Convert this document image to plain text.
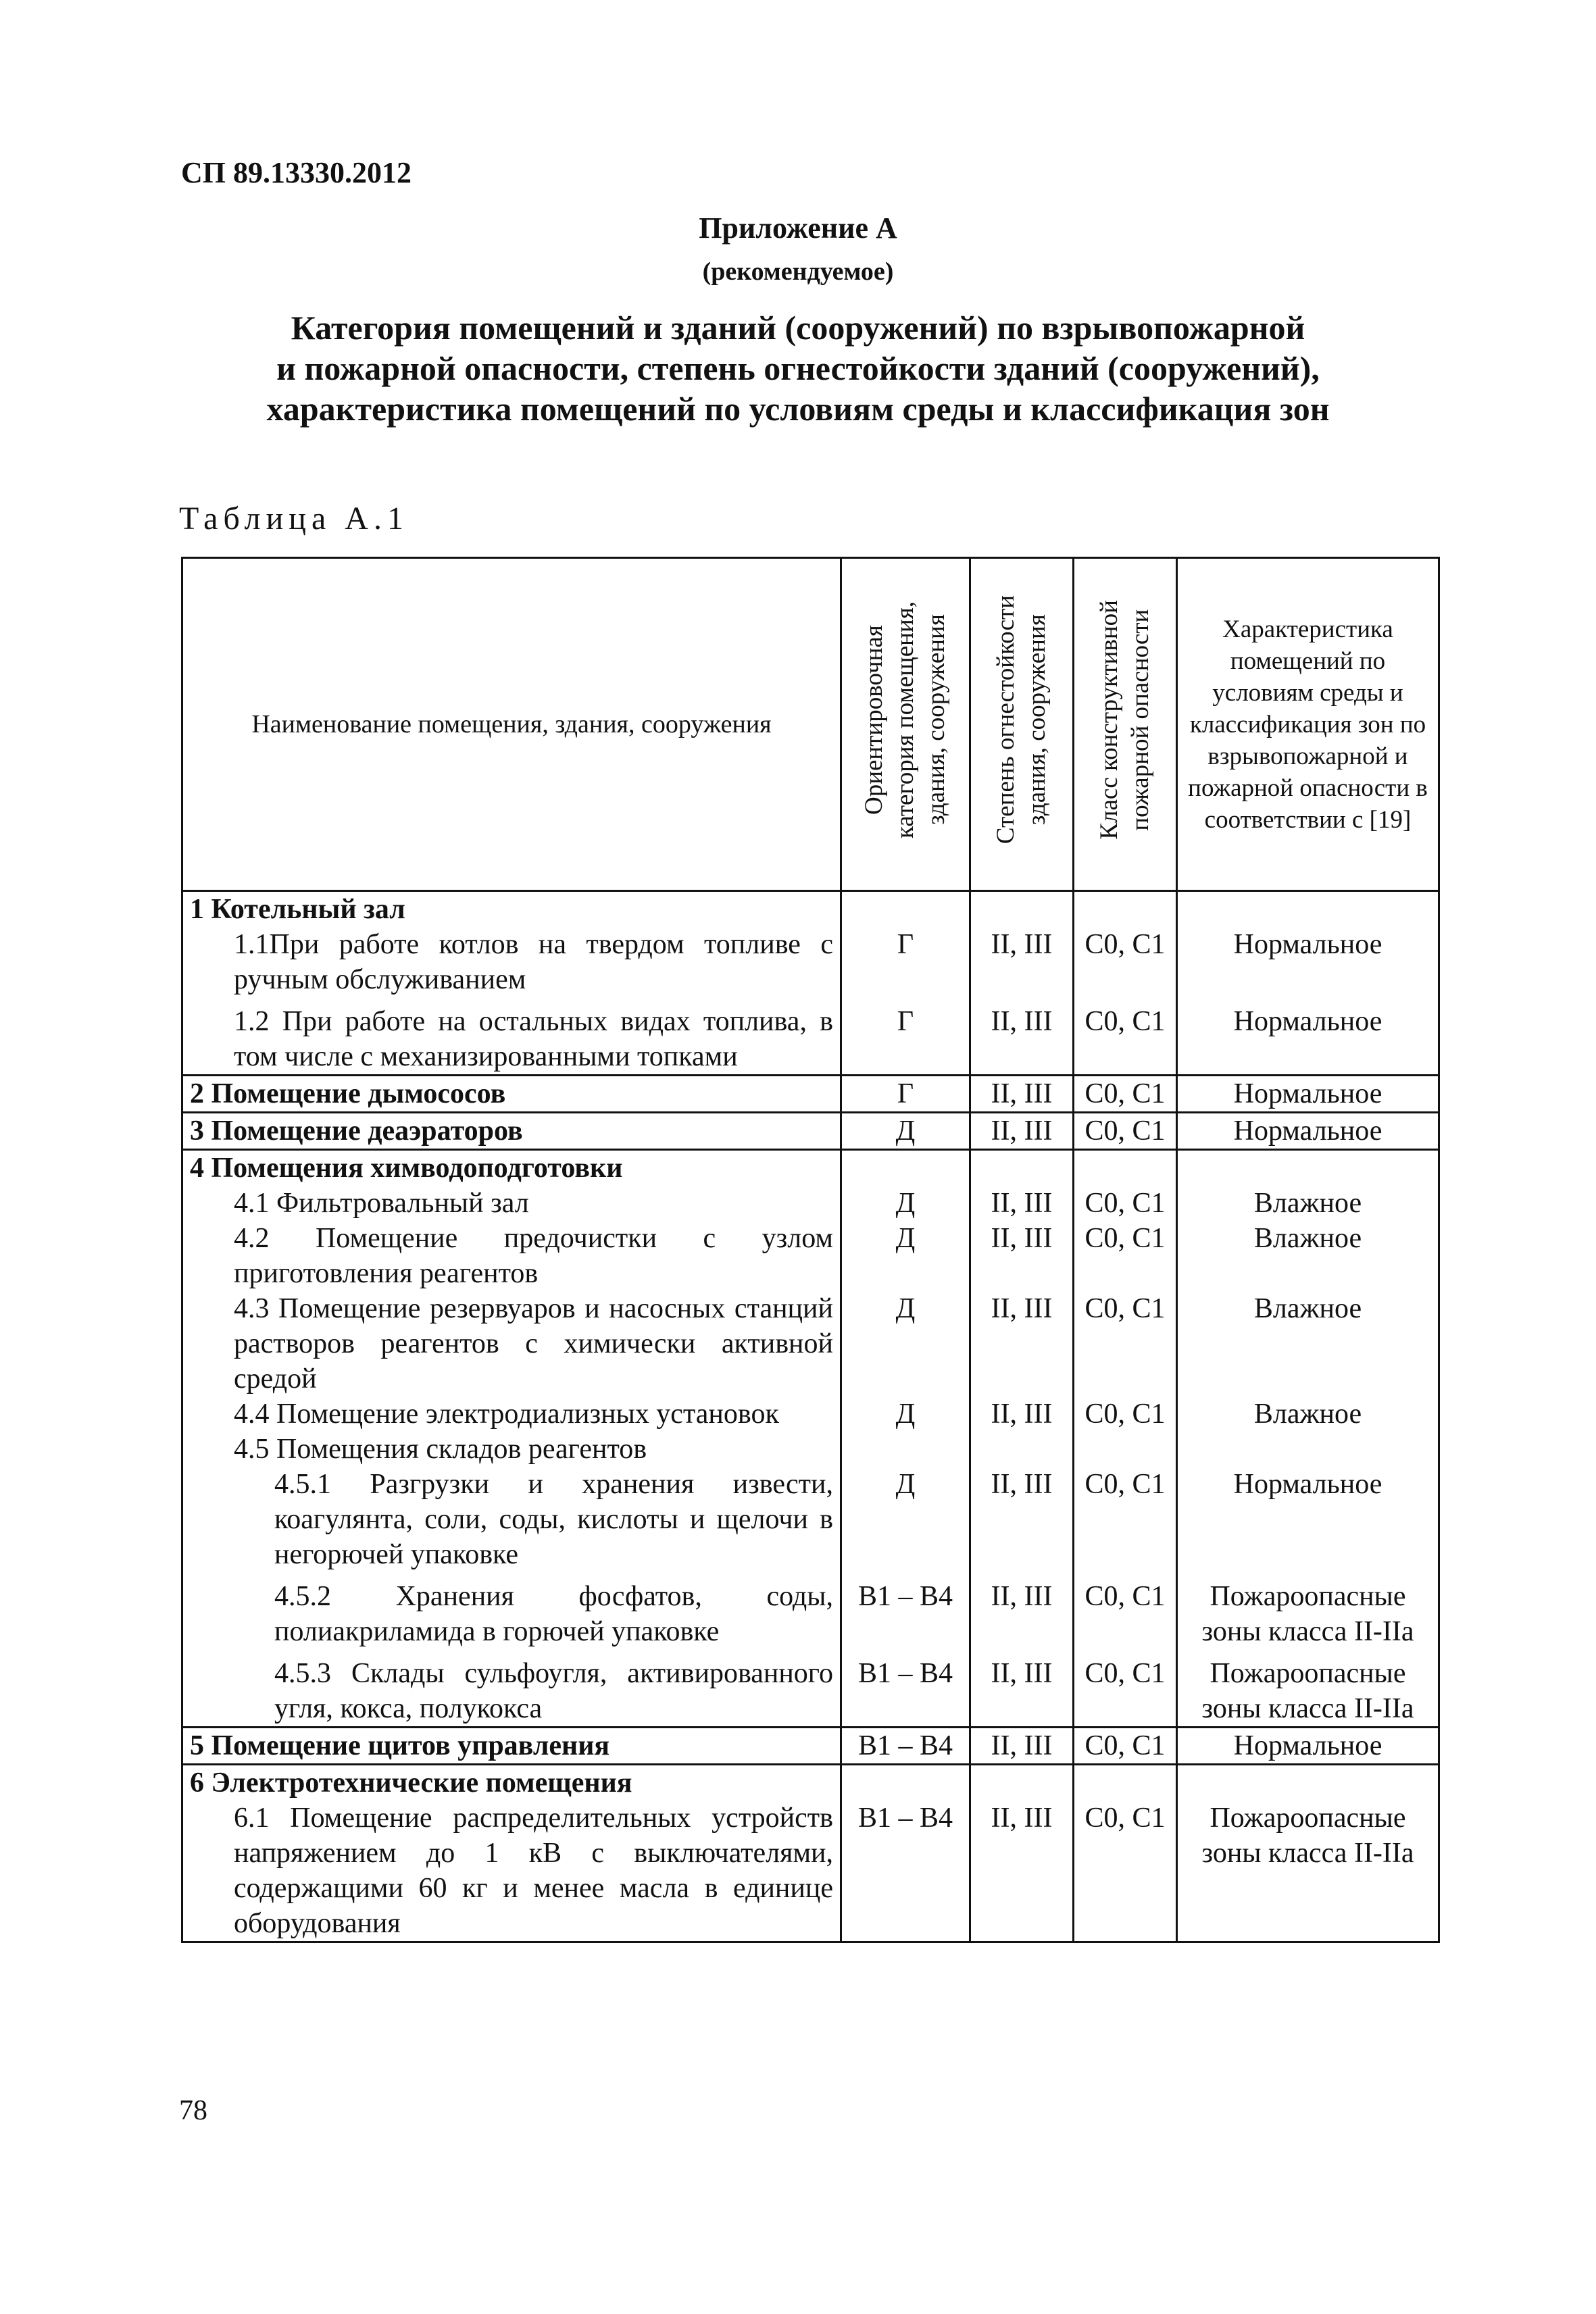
СП 89.13330.2012
Приложение А
(рекомендуемое)
Категория помещений и зданий (сооружений) по взрывопожарной
и пожарной опасности, степень огнестойкости зданий (сооружений),
характеристика помещений по условиям среды и классификация зон
Таблица А.1
Наименование помещения, здания, сооружения	Ориентировочная категория помещения, здания, сооружения	Степень огнестойкости здания, сооружения	Класс конструктивной пожарной опасности	Характеристика помещений по условиям среды и классификация зон по взрывопожарной и пожарной опасности в соответствии с [19]
1 Котельный зал				
1.1При работе котлов на твердом топливе с ручным обслуживанием	Г	II, III	С0, С1	Нормальное
1.2 При работе на остальных видах топлива, в том числе с механизированными топками	Г	II, III	С0, С1	Нормальное
2 Помещение дымососов	Г	II, III	С0, С1	Нормальное
3 Помещение деаэраторов	Д	II, III	С0, С1	Нормальное
4 Помещения химводоподготовки				
4.1 Фильтровальный зал	Д	II, III	С0, С1	Влажное
4.2 Помещение предочистки с узлом приготовления реагентов	Д	II, III	С0, С1	Влажное
4.3 Помещение резервуаров и насосных станций растворов реагентов с химически активной средой	Д	II, III	С0, С1	Влажное
4.4 Помещение электродиализных установок	Д	II, III	С0, С1	Влажное
4.5 Помещения складов реагентов				
4.5.1 Разгрузки и хранения извести, коагулянта, соли, соды, кислоты и щелочи в негорючей упаковке	Д	II, III	С0, С1	Нормальное
4.5.2 Хранения фосфатов, соды, полиакриламида в горючей упаковке	В1 – В4	II, III	С0, С1	Пожароопасные зоны класса II-IIа
4.5.3 Склады сульфоугля, активированного угля, кокса, полукокса	В1 – В4	II, III	С0, С1	Пожароопасные зоны класса II-IIа
5 Помещение щитов управления	В1 – В4	II, III	С0, С1	Нормальное
6 Электротехнические помещения				
6.1 Помещение распределительных устройств напряжением до 1 кВ с выключателями, содержащими 60 кг и менее масла в единице оборудования	В1 – В4	II, III	С0, С1	Пожароопасные зоны класса II-IIа
78
